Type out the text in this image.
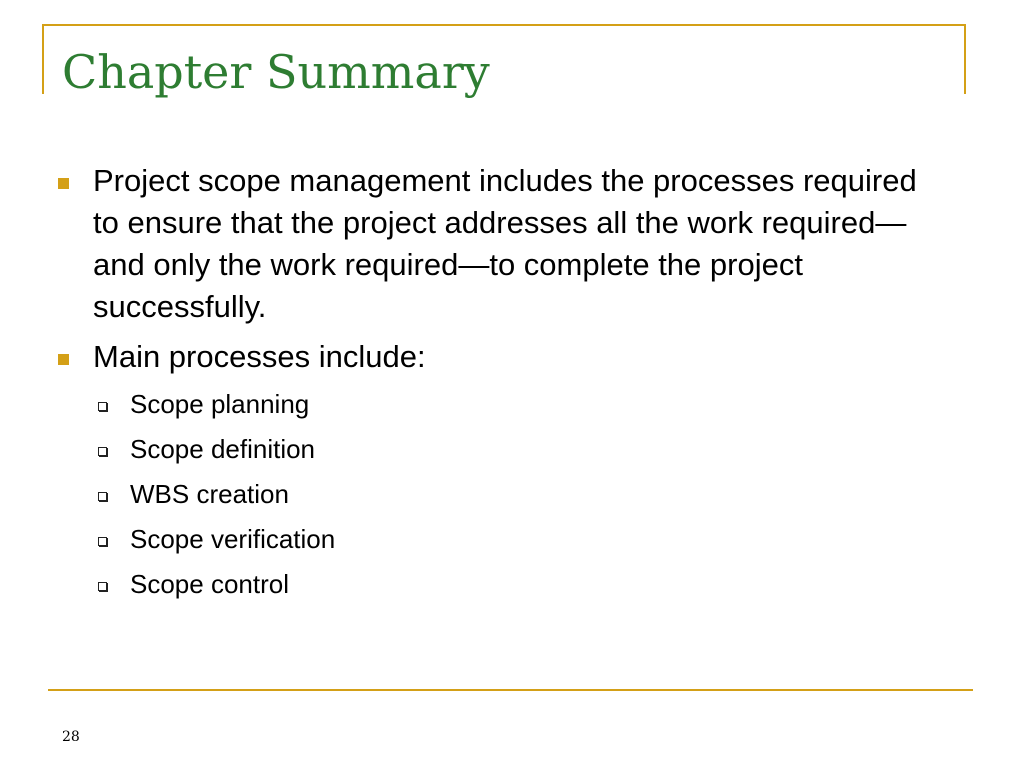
Chapter Summary
Project scope management includes the processes required to ensure that the project addresses all the work required—and only the work required—to complete the project successfully.
Main processes include:
Scope planning
Scope definition
WBS creation
Scope verification
Scope control
28
